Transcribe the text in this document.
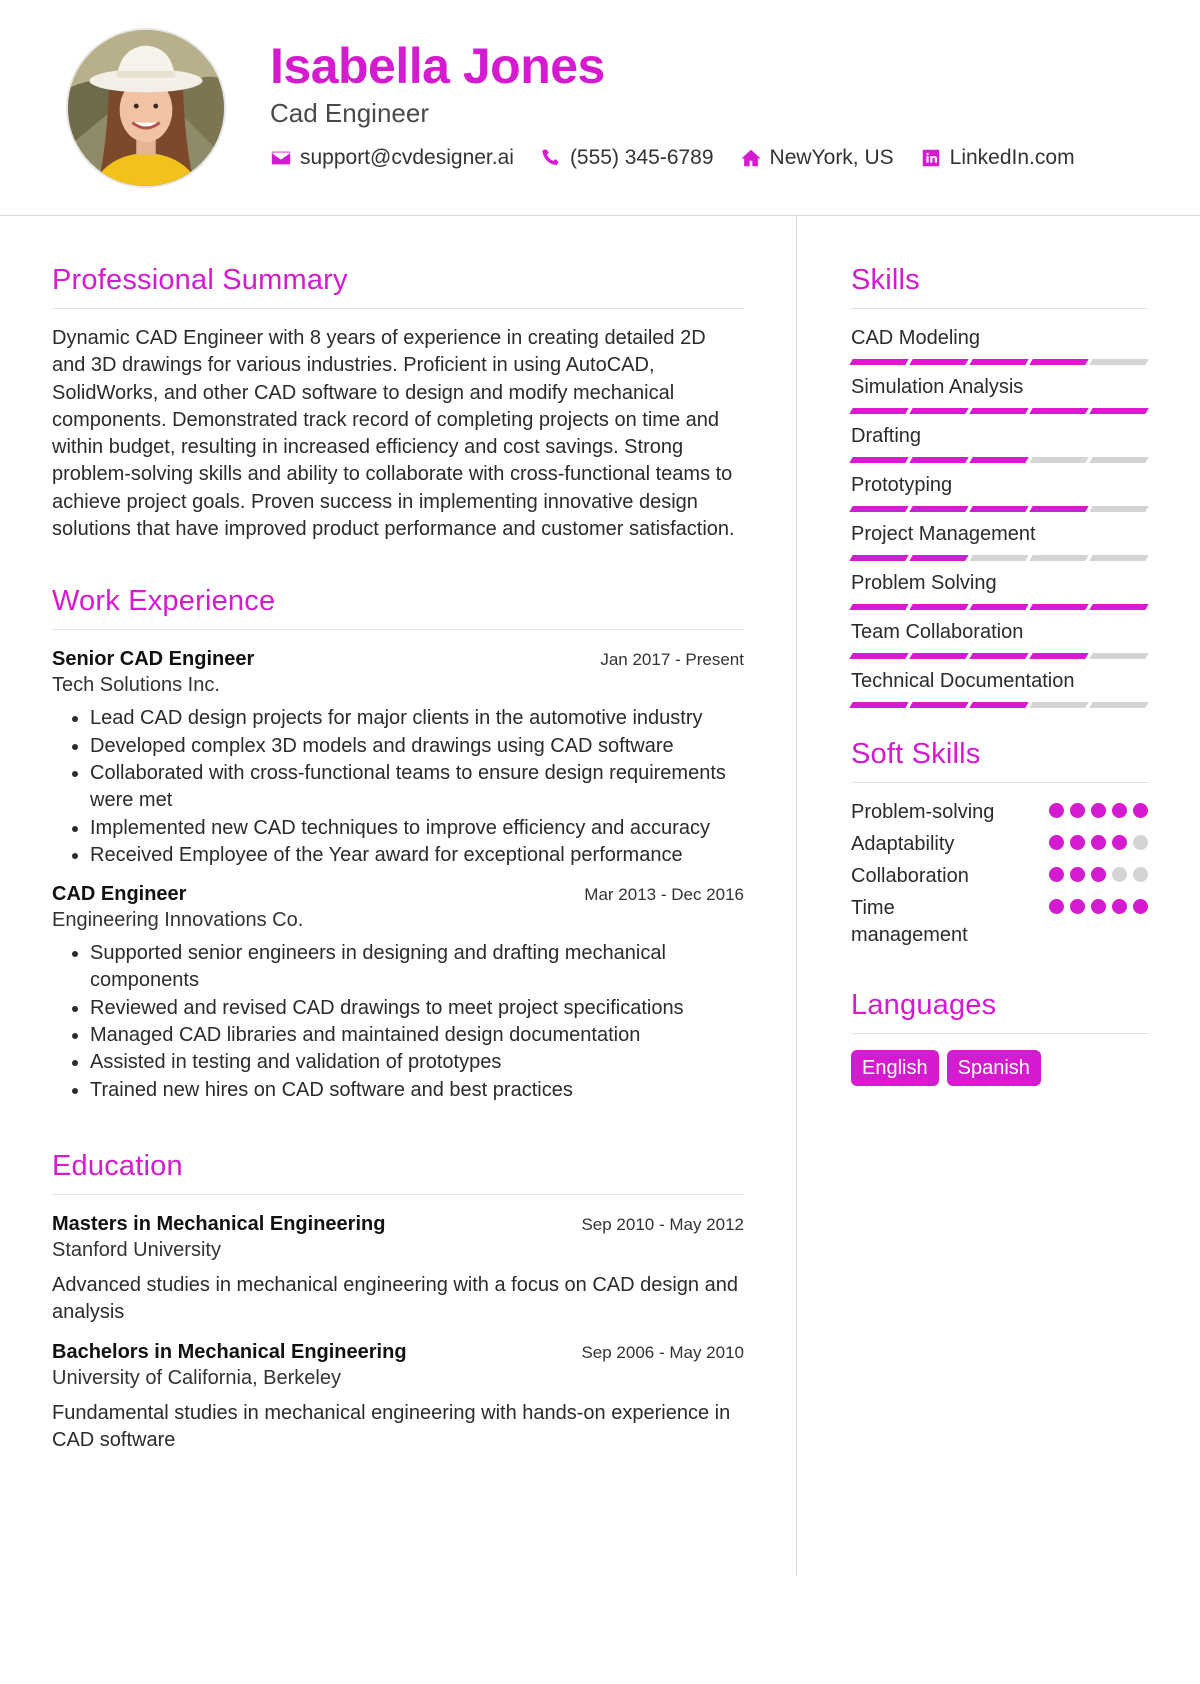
Isabella Jones
Cad Engineer
support@cvdesigner.ai	(555) 345-6789	NewYork, US	LinkedIn.com
Professional Summary

Dynamic CAD Engineer with 8 years of experience in creating detailed 2D and 3D drawings for various industries. Proficient in using AutoCAD, SolidWorks, and other CAD software to design and modify mechanical components. Demonstrated track record of completing projects on time and within budget, resulting in increased efficiency and cost savings. Strong problem-solving skills and ability to collaborate with cross-functional teams to achieve project goals. Proven success in implementing innovative design solutions that have improved product performance and customer satisfaction.

Work Experience
Senior CAD Engineer	Jan 2017 - Present
Tech Solutions Inc.
• Lead CAD design projects for major clients in the automotive industry
• Developed complex 3D models and drawings using CAD software
• Collaborated with cross-functional teams to ensure design requirements were met
• Implemented new CAD techniques to improve efficiency and accuracy
• Received Employee of the Year award for exceptional performance
CAD Engineer	Mar 2013 - Dec 2016
Engineering Innovations Co.
• Supported senior engineers in designing and drafting mechanical components
• Reviewed and revised CAD drawings to meet project specifications
• Managed CAD libraries and maintained design documentation
• Assisted in testing and validation of prototypes
• Trained new hires on CAD software and best practices
Education
Masters in Mechanical Engineering	Sep 2010 - May 2012
Stanford University

Advanced studies in mechanical engineering with a focus on CAD design and analysis

Bachelors in Mechanical Engineering	Sep 2006 - May 2010
University of California, Berkeley

Fundamental studies in mechanical engineering with hands-on experience in CAD software

Skills
CAD Modeling
Simulation Analysis
Drafting
Prototyping
Project Management
Problem Solving
Team Collaboration
Technical Documentation
Soft Skills
Problem-solving
Adaptability
Collaboration
Time management
Languages
English	Spanish
